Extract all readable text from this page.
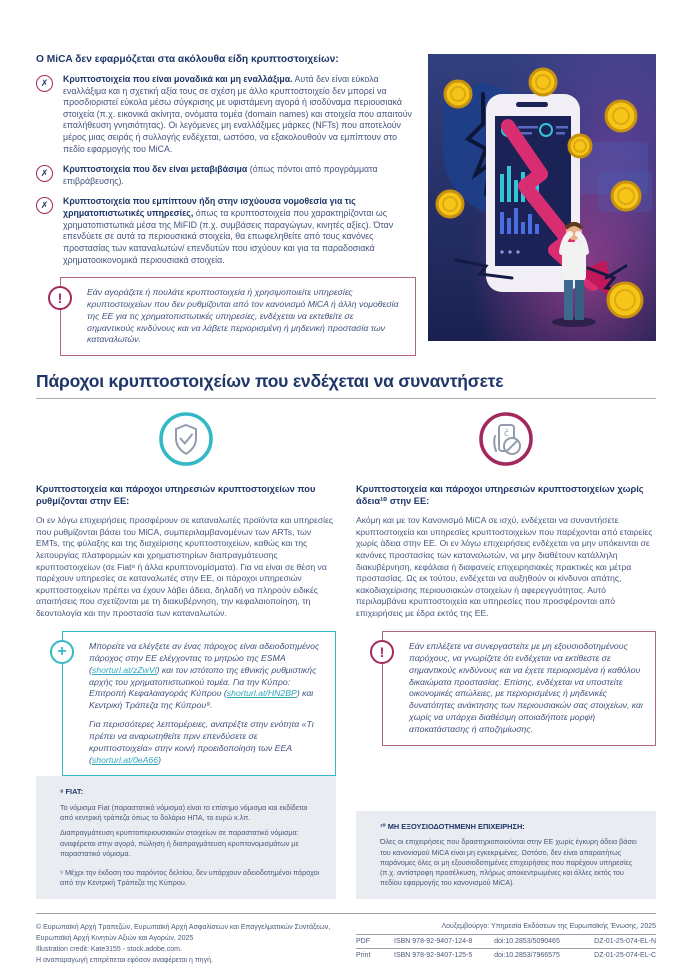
Ο MiCA δεν εφαρμόζεται στα ακόλουθα είδη κρυπτοστοιχείων:

✗	Κρυπτοστοιχεία που είναι μοναδικά και μη εναλλάξιμα. Αυτά δεν είναι εύκολα εναλλάξιμα και η σχετική αξία τους σε σχέση με άλλο κρυπτοστοιχείο δεν μπορεί να προσδιοριστεί εύκολα μέσω σύγκρισης με υφιστάμενη αγορά ή ισοδύναμα περιουσιακά στοιχεία (π.χ. εικονικά ακίνητα, ονόματα τομέα (domain names) και στοιχεία που απαιτούν επαλήθευση γνησιότητας). Οι λεγόμενες μη εναλλάξιμες μάρκες (NFTs) που αποτελούν μέρος μιας σειράς ή συλλογής ενδέχεται, ωστόσο, να εξακολουθούν να εμπίπτουν στο πεδίο εφαρμογής του MiCA.

✗	Κρυπτοστοιχεία που δεν είναι μεταβιβάσιμα (όπως πόντοι από προγράμματα επιβράβευσης).

✗	Κρυπτοστοιχεία που εμπίπτουν ήδη στην ισχύουσα νομοθεσία για τις χρηματοπιστωτικές υπηρεσίες, όπως τα κρυπτοστοιχεία που χαρακτηρίζονται ως χρηματοπιστωτικά μέσα της MiFID (π.χ. συμβάσεις παραγώγων, κινητές αξίες). Όταν επενδύετε σε αυτά τα περιουσιακά στοιχεία, θα επωφεληθείτε από τους κανόνες προστασίας των καταναλωτών/ επενδυτών που ισχύουν και για τα παραδοσιακά χρηματοοικονομικά περιουσιακά στοιχεία.

!	Εάν αγοράζετε ή πουλάτε κρυπτοστοιχεία ή χρησιμοποιείτε υπηρεσίες κρυπτοστοιχείων που δεν ρυθμίζονται από τον κανονισμό MiCA ή άλλη νομοθεσία της ΕΕ για τις χρηματοπιστωτικές υπηρεσίες, ενδέχεται να εκτεθείτε σε σημαντικούς κινδύνους και να λάβετε περιορισμένη ή μηδενική προστασία των καταναλωτών.

Πάροχοι κρυπτοστοιχείων που ενδέχεται να συναντήσετε
Κρυπτοστοιχεία και πάροχοι υπηρεσιών κρυπτοστοιχείων που ρυθμίζονται στην ΕΕ:

Οι εν λόγω επιχειρήσεις προσφέρουν σε καταναλωτές προϊόντα και υπηρεσίες που ρυθμίζονται βάσει του MiCA, συμπεριλαμβανομένων των ARTs, των EMTs, της φύλαξης και της διαχείρισης κρυπτοστοιχείων, καθώς και της λειτουργίας πλατφορμών και χρηματιστηρίων διαπραγμάτευσης κρυπτοστοιχείων (σε Fiat⁸ ή άλλα κρυπτονομίσματα). Για να είναι σε θέση να παρέχουν υπηρεσίες σε καταναλωτές στην ΕΕ, οι πάροχοι υπηρεσιών κρυπτοστοιχείων πρέπει να έχουν λάβει άδεια, δηλαδή να πληρούν ειδικές απαιτήσεις που σχετίζονται με τη διακυβέρνηση, την κεφαλαιοποίηση, τη δεοντολογία και την προστασία των καταναλωτών.

+	Μπορείτε να ελέγξετε αν ένας πάροχος είναι αδειοδοτημένος πάροχος στην ΕΕ ελέγχοντας το μητρώο της ESMA (shorturl.at/zZwVl) και τον ιστότοπο της εθνικής ρυθμιστικής αρχής του χρηματοπιστωτικού τομέα. Για την Κύπρο: Επιτροπή Κεφαλαιαγοράς Κύπρου (shorturl.at/HN2BP) και Κεντρική Τράπεζα της Κύπρου⁹.

Για περισσότερες λεπτομέρειες, ανατρέξτε στην ενότητα «Τι πρέπει να αναρωτηθείτε πριν επενδύσετε σε κρυπτοστοιχεία» στην κοινή προειδοποίηση των ΕΕΑ (shorturl.at/0eA66)

⁸ FIAT:

Το νόμισμα Fiat (παραστατικό νόμισμα) είναι το επίσημο νόμισμα και εκδίδεται από κεντρική τράπεζα όπως το δολάριο ΗΠΑ, το ευρώ κ.λπ.

Διαπραγμάτευση κρυπτοπεριουσιακών στοιχείων σε παραστατικό νόμισμα: αναφέρεται στην αγορά, πώληση ή διαπραγμάτευση κρυπτονομισμάτων με παραστατικό νόμισμα.

⁹ Μέχρι την έκδοση του παρόντος δελτίου, δεν υπάρχουν αδειοδοτημένοι πάροχοι από την Κεντρική Τράπεζα της Κύπρου.

č
Κρυπτοστοιχεία και πάροχοι υπηρεσιών κρυπτοστοιχείων χωρίς άδεια¹⁰ στην ΕΕ:

Ακόμη και με τον Κανονισμό MiCA σε ισχύ, ενδέχεται να συναντήσετε κρυπτοστοιχεία και υπηρεσίες κρυπτοστοιχείων που παρέχονται από εταιρείες χωρίς άδεια στην ΕΕ. Οι εν λόγω επιχειρήσεις ενδέχεται να μην υπόκεινται σε κανόνες προστασίας των καταναλωτών, να μην διαθέτουν κατάλληλη διακυβέρνηση, κεφάλαια ή διαφανείς επιχειρησιακές πρακτικές και μέτρα προστασίας. Ως εκ τούτου, ενδέχεται να αυξηθούν οι κίνδυνοι απάτης, κακοδιαχείρισης περιουσιακών στοιχείων ή αφερεγγυότητας. Αυτό περιλαμβάνει κρυπτοστοιχεία και υπηρεσίες που προσφέρονται από επιχειρήσεις με έδρα εκτός της ΕΕ.

!	Εάν επιλέξετε να συνεργαστείτε με μη εξουσιοδοτημένους παρόχους, να γνωρίζετε ότι ενδέχεται να εκτίθεστε σε σημαντικούς κινδύνους και να έχετε περιορισμένα ή καθόλου δικαιώματα προστασίας. Επίσης, ενδέχεται να υποστείτε οικονομικές απώλειες, με περιορισμένες ή μηδενικές δυνατότητες ανάκτησης των περιουσιακών σας στοιχείων, και χωρίς να υπάρχει διαθέσιμη οποιαδήποτε μορφή αποκατάστασης ή αποζημίωσης.

¹⁰ ΜΗ ΕΞΟΥΣΙΟΔΟΤΗΜΕΝΗ ΕΠΙΧΕΙΡΗΣΗ:

Όλες οι επιχειρήσεις που δραστηριοποιούνται στην ΕΕ χωρίς έγκυρη άδεια βάσει του κανονισμού MiCA είναι μη εγκεκριμένες. Ωστόσο, δεν είναι απαραιτήτως παράνομες όλες οι μη εξουσιοδοτημένες επιχειρήσεις που παρέχουν υπηρεσίες (π.χ. αντίστροφη προσέλκυση, πλήρως αποκεντρωμένες και άλλες εκτός του πεδίου εφαρμογής του κανονισμού MiCA).

© Ευρωπαϊκή Αρχή Τραπεζών, Ευρωπαϊκή Αρχή Ασφαλίσεων και Επαγγελματικών Συντάξεων, Ευρωπαϊκή Αρχή Κινητών Αξιών και Αγορών, 2025

Illustration credit: Kate3155 - stock.adobe.com.

Η αναπαραγωγή επιτρέπεται εφόσον αναφέρεται η πηγή.

Λουξεμβούργο: Υπηρεσία Εκδόσεων της Ευρωπαϊκής Ένωσης, 2025

PDF	ISBN 978-92-9407-124-8	doi:10.2853/5090465	DZ-01-25-074-EL-N
Print	ISBN 978-92-9407-125-5	doi:10.2853/7966575	DZ-01-25-074-EL-C
